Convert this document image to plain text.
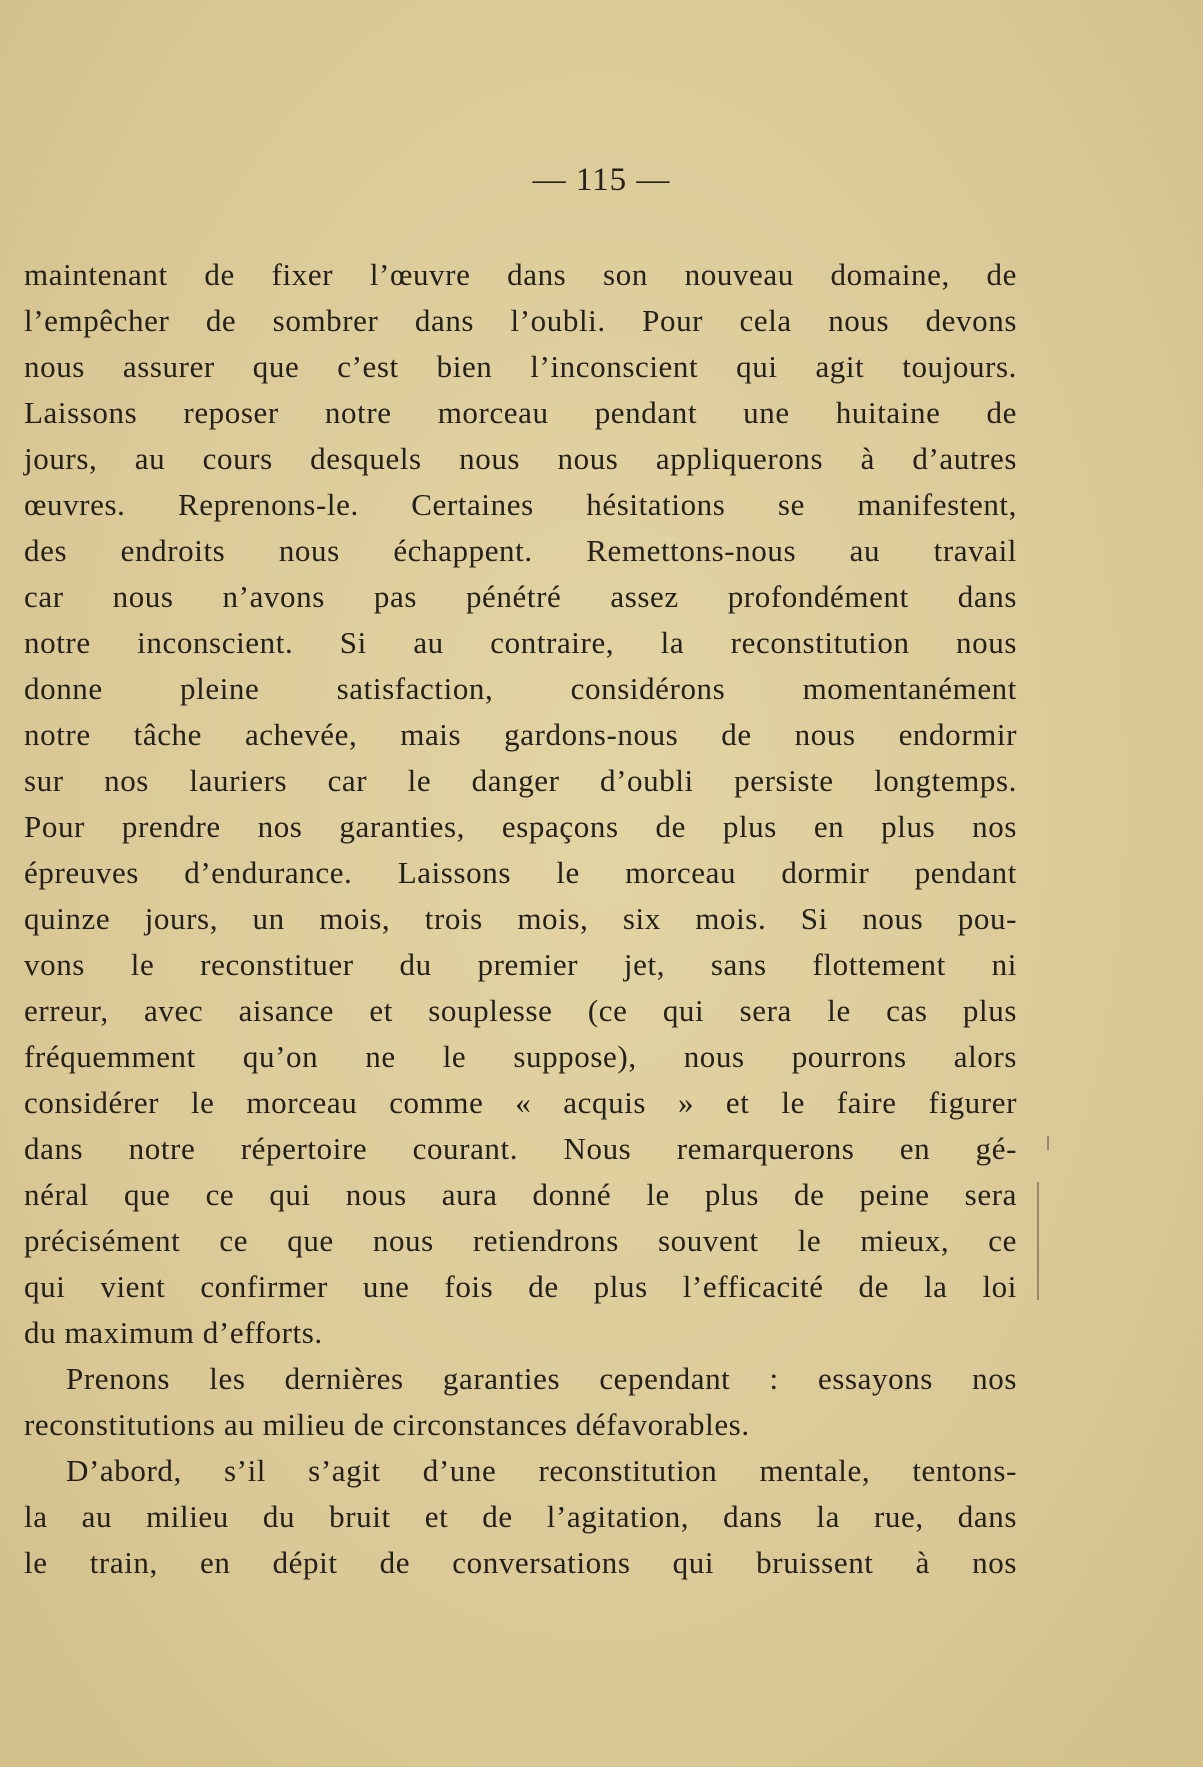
— 115 —
maintenant de fixer l’œuvre dans son nouveau domaine, de
l’empêcher de sombrer dans l’oubli. Pour cela nous devons
nous assurer que c’est bien l’inconscient qui agit toujours.
Laissons reposer notre morceau pendant une huitaine de
jours, au cours desquels nous nous appliquerons à d’autres
œuvres. Reprenons-le. Certaines hésitations se manifestent,
des endroits nous échappent. Remettons-nous au travail
car nous n’avons pas pénétré assez profondément dans
notre inconscient. Si au contraire, la reconstitution nous
donne pleine satisfaction, considérons momentanément
notre tâche achevée, mais gardons-nous de nous endormir
sur nos lauriers car le danger d’oubli persiste longtemps.
Pour prendre nos garanties, espaçons de plus en plus nos
épreuves d’endurance. Laissons le morceau dormir pendant
quinze jours, un mois, trois mois, six mois. Si nous pou-
vons le reconstituer du premier jet, sans flottement ni
erreur, avec aisance et souplesse (ce qui sera le cas plus
fréquemment qu’on ne le suppose), nous pourrons alors
considérer le morceau comme « acquis » et le faire figurer
dans notre répertoire courant. Nous remarquerons en gé-
néral que ce qui nous aura donné le plus de peine sera
précisément ce que nous retiendrons souvent le mieux, ce
qui vient confirmer une fois de plus l’efficacité de la loi
du maximum d’efforts.
Prenons les dernières garanties cependant : essayons nos
reconstitutions au milieu de circonstances défavorables.
D’abord, s’il s’agit d’une reconstitution mentale, tentons-
la au milieu du bruit et de l’agitation, dans la rue, dans
le train, en dépit de conversations qui bruissent à nos
